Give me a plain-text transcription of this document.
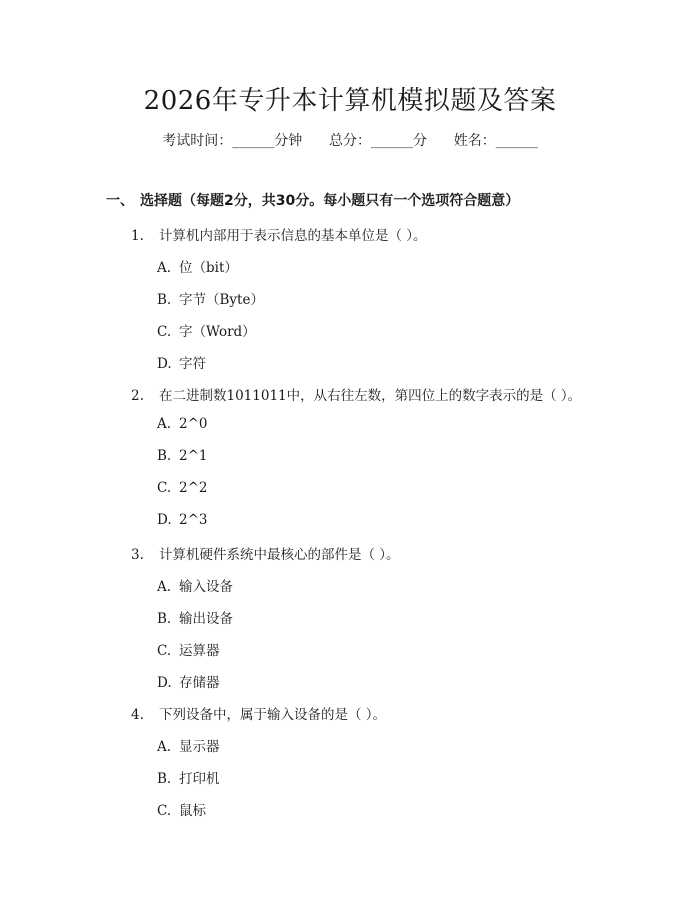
2026年专升本计算机模拟题及答案
考试时间：______分钟 总分：______分 姓名：______
一、 选择题（每题2分，共30分。每小题只有一个选项符合题意）
1. 计算机内部用于表示信息的基本单位是（ ）。
A. 位（bit）
B. 字节（Byte）
C. 字（Word）
D. 字符
2. 在二进制数1011011中，从右往左数，第四位上的数字表示的是（ ）。
A. 2^0
B. 2^1
C. 2^2
D. 2^3
3. 计算机硬件系统中最核心的部件是（ ）。
A. 输入设备
B. 输出设备
C. 运算器
D. 存储器
4. 下列设备中，属于输入设备的是（ ）。
A. 显示器
B. 打印机
C. 鼠标
